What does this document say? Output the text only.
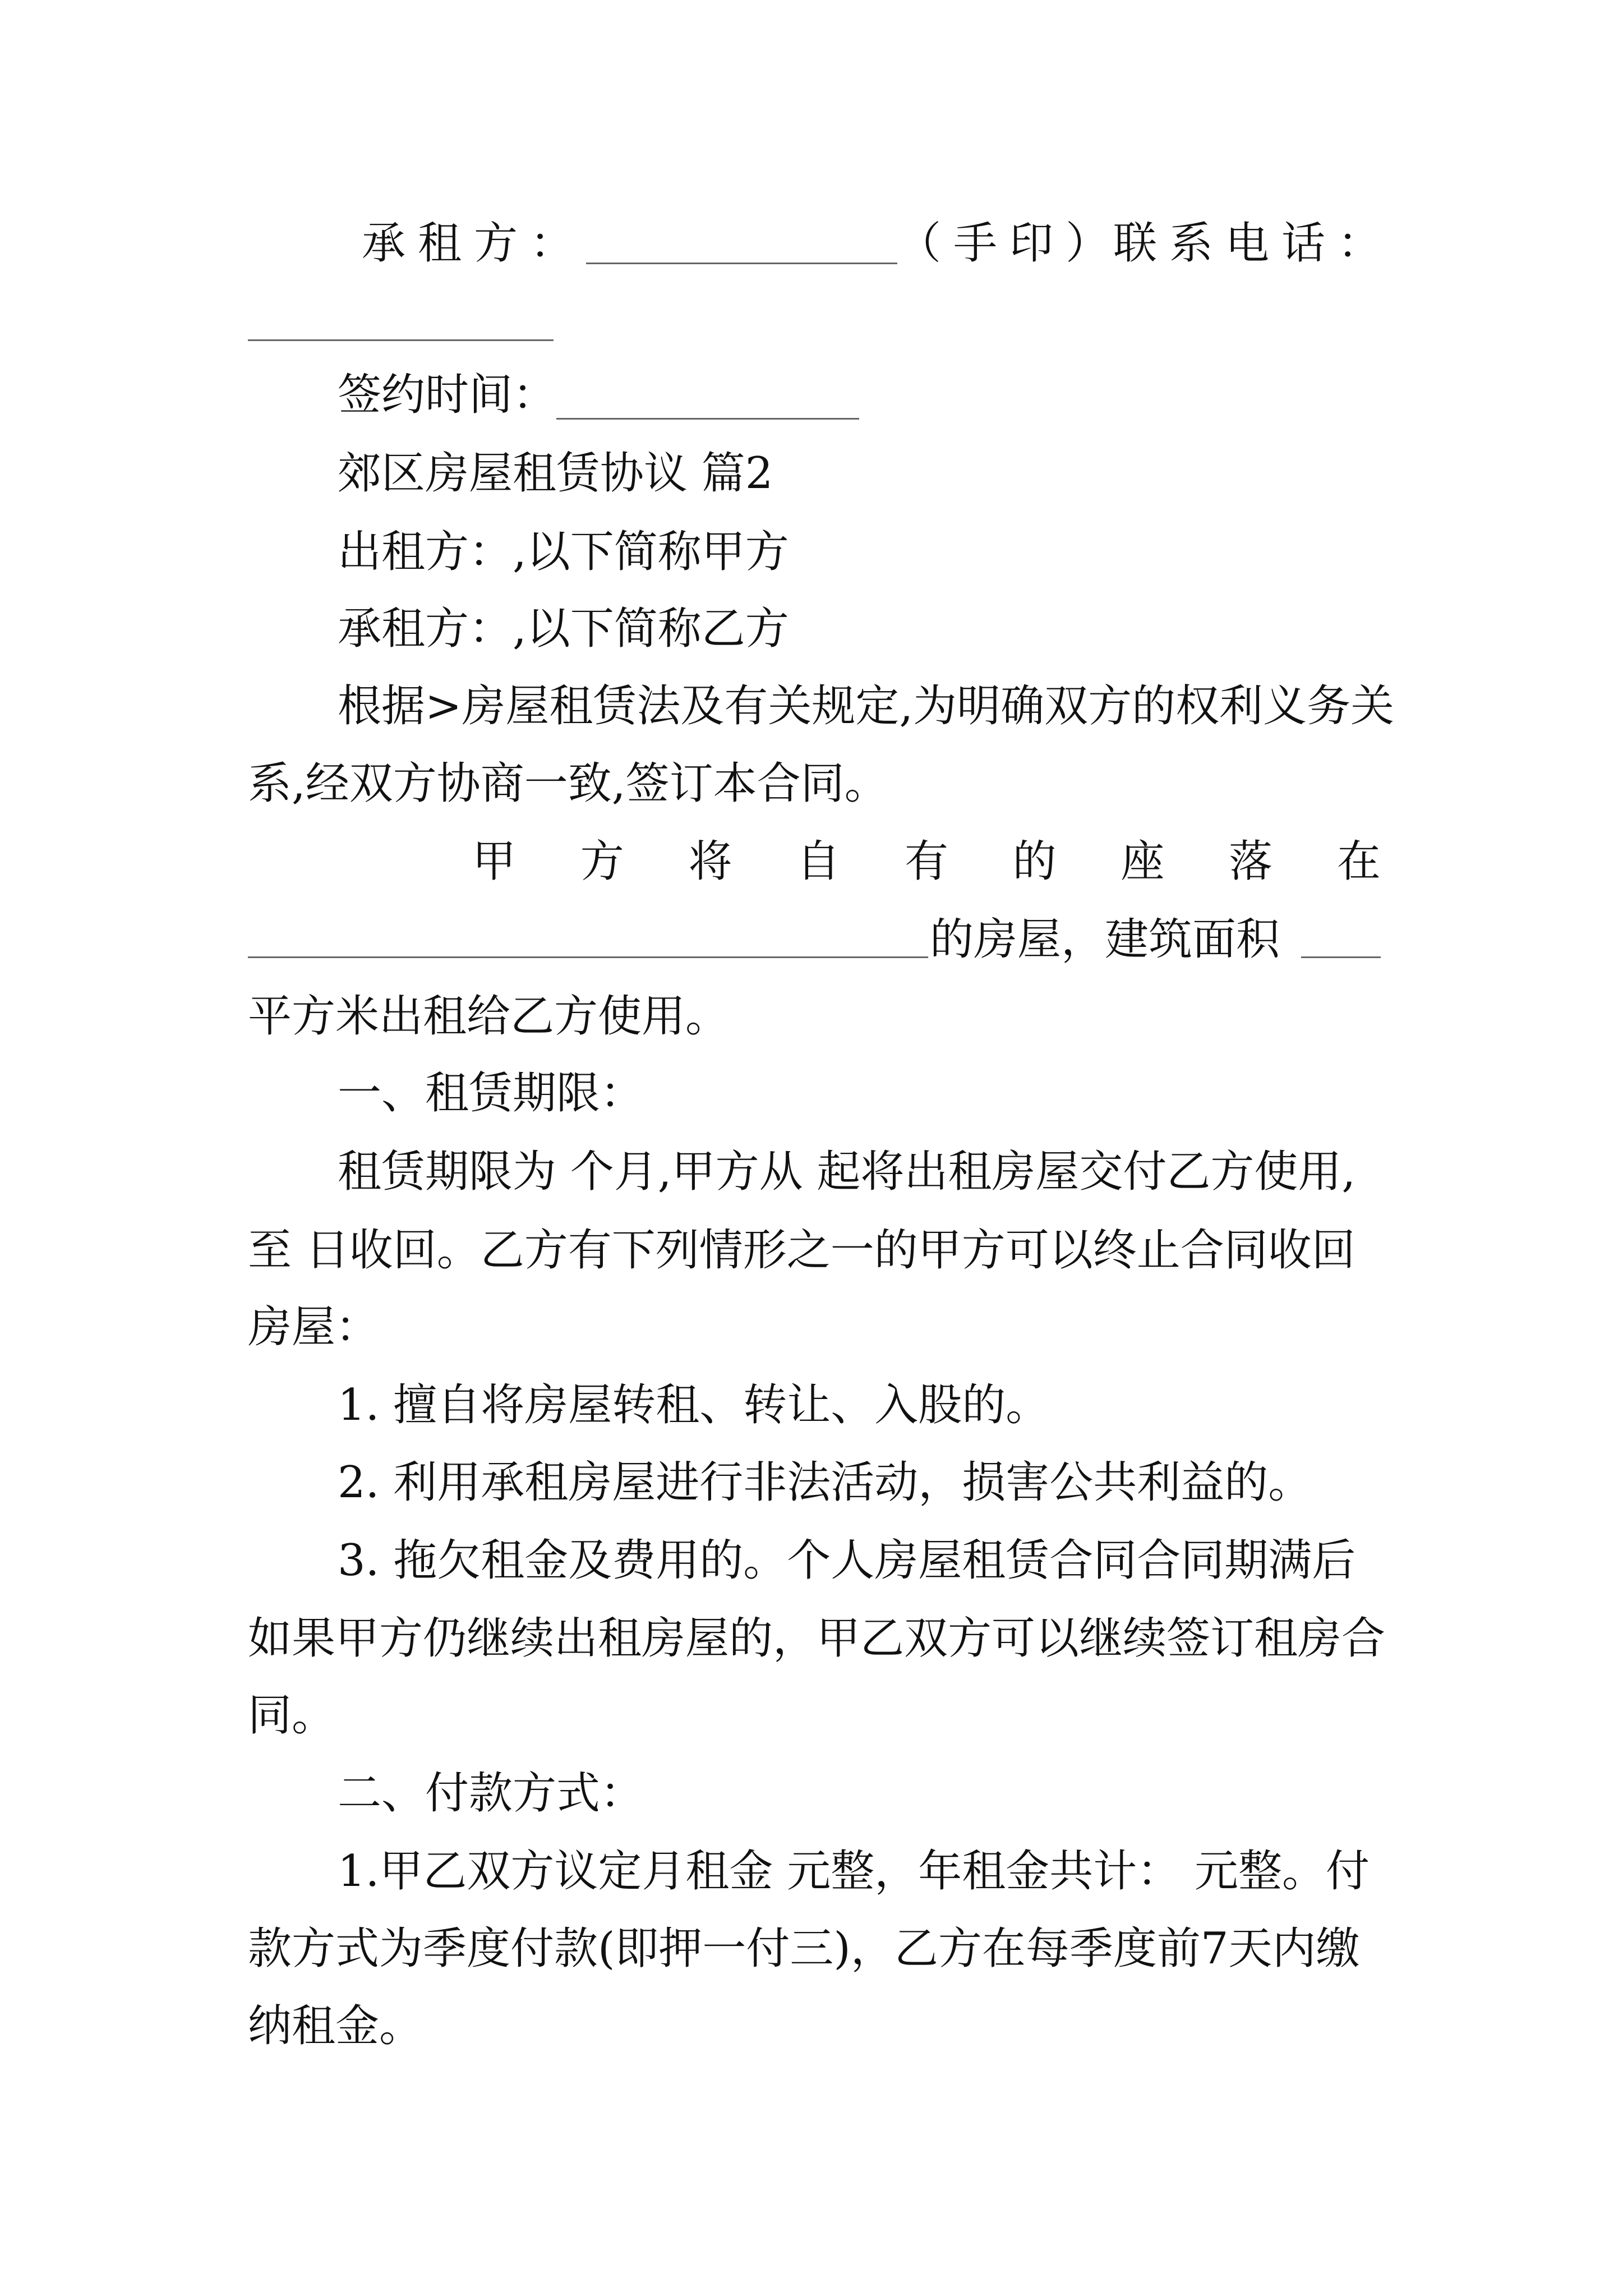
承 租 方 ：	（ 手 印 ） 联 系 电 话 ：
签约时间：
郊区房屋租赁协议 篇2
出租方：,以下简称甲方
承租方：,以下简称乙方
根据>房屋租赁法及有关规定,为明确双方的权利义务关
系,经双方协商一致,签订本合同。
甲 方 将 自 有 的 座 落 在
的房屋，建筑面积
平方米出租给乙方使用。
一、租赁期限：
租赁期限为 个月,甲方从 起将出租房屋交付乙方使用,
至 日收回。乙方有下列情形之一的甲方可以终止合同收回
房屋：
1. 擅自将房屋转租、转让、入股的。
2. 利用承租房屋进行非法活动，损害公共利益的。
3. 拖欠租金及费用的。个人房屋租赁合同合同期满后
如果甲方仍继续出租房屋的，甲乙双方可以继续签订租房合
同。
二、付款方式：
1.甲乙双方议定月租金 元整，年租金共计： 元整。付
款方式为季度付款(即押一付三)，乙方在每季度前7天内缴
纳租金。
